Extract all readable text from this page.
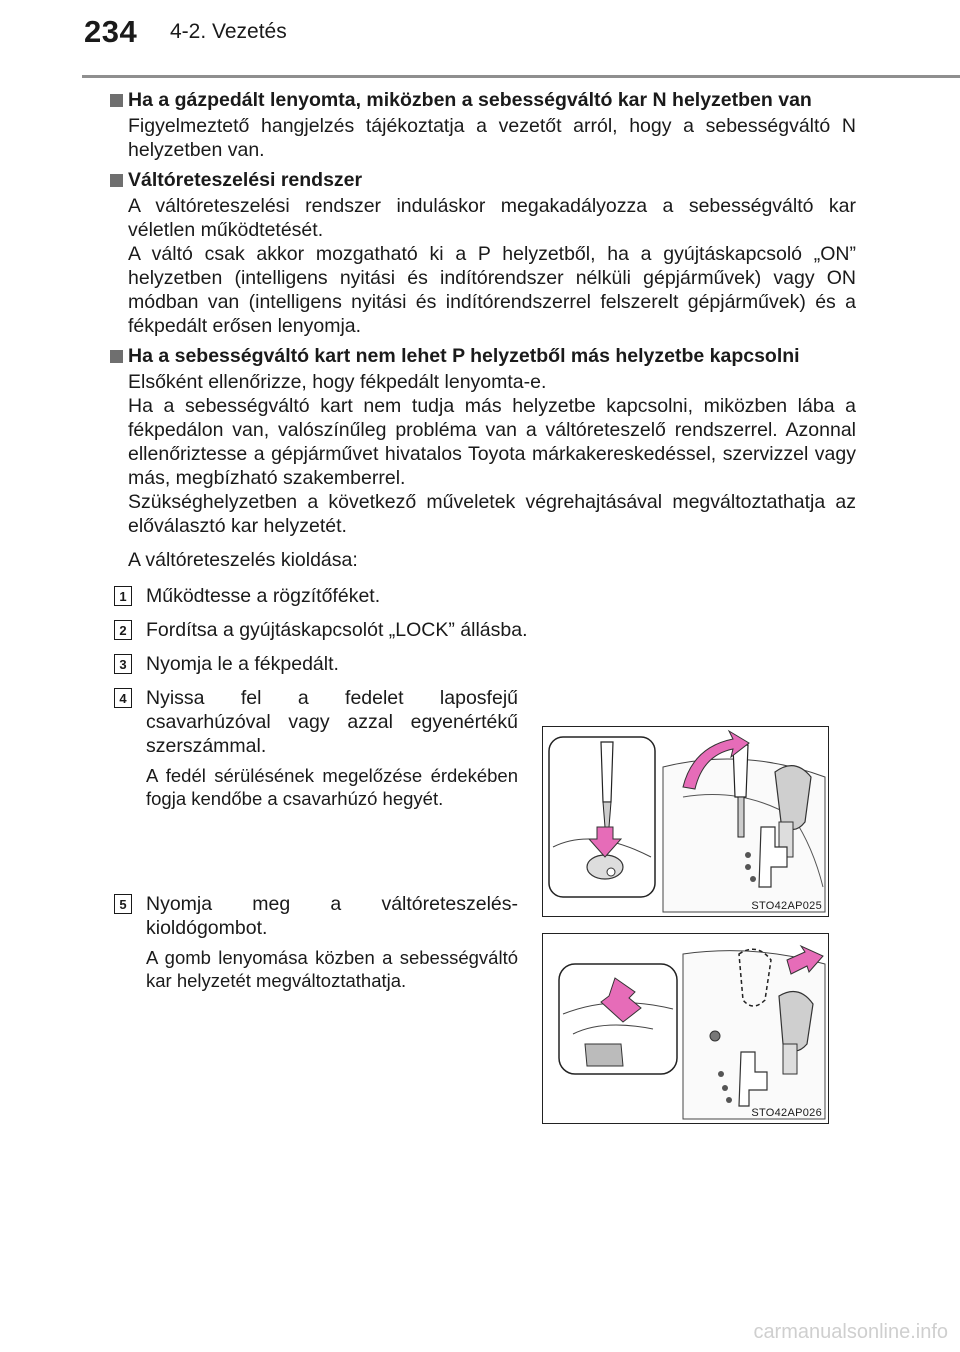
234 4-2. Vezetés
Ha a gázpedált lenyomta, miközben a sebességváltó kar N helyzetben van
Figyelmeztető hangjelzés tájékoztatja a vezetőt arról, hogy a sebességváltó N helyzetben van.
Váltóreteszelési rendszer
A váltóreteszelési rendszer induláskor megakadályozza a sebességváltó kar véletlen működtetését.
A váltó csak akkor mozgatható ki a P helyzetből, ha a gyújtáskapcsoló „ON” helyzetben (intelligens nyitási és indítórendszer nélküli gépjárművek) vagy ON módban van (intelligens nyitási és indítórendszerrel felszerelt gépjárművek) és a fékpedált erősen lenyomja.
Ha a sebességváltó kart nem lehet P helyzetből más helyzetbe kapcsolni
Elsőként ellenőrizze, hogy fékpedált lenyomta-e.
Ha a sebességváltó kart nem tudja más helyzetbe kapcsolni, miközben lába a fékpedálon van, valószínűleg probléma van a váltóreteszelő rendszerrel. Azonnal ellenőriztesse a gépjárművet hivatalos Toyota márkakereskedéssel, szervizzel vagy más, megbízható szakemberrel.
Szükséghelyzetben a következő műveletek végrehajtásával megváltoztathatja az előválasztó kar helyzetét.
A váltóreteszelés kioldása:
1 Működtesse a rögzítőféket.
2 Fordítsa a gyújtáskapcsolót „LOCK” állásba.
3 Nyomja le a fékpedált.
4 Nyissa fel a fedelet laposfejű csavarhúzóval vagy azzal egyenértékű szerszámmal.
A fedél sérülésének megelőzése érdekében fogja kendőbe a csavarhúzó hegyét.
5 Nyomja meg a váltóreteszelés-kioldógombot.
A gomb lenyomása közben a sebességváltó kar helyzetét megváltoztathatja.
STO42AP025
STO42AP026
carmanualsonline.info
